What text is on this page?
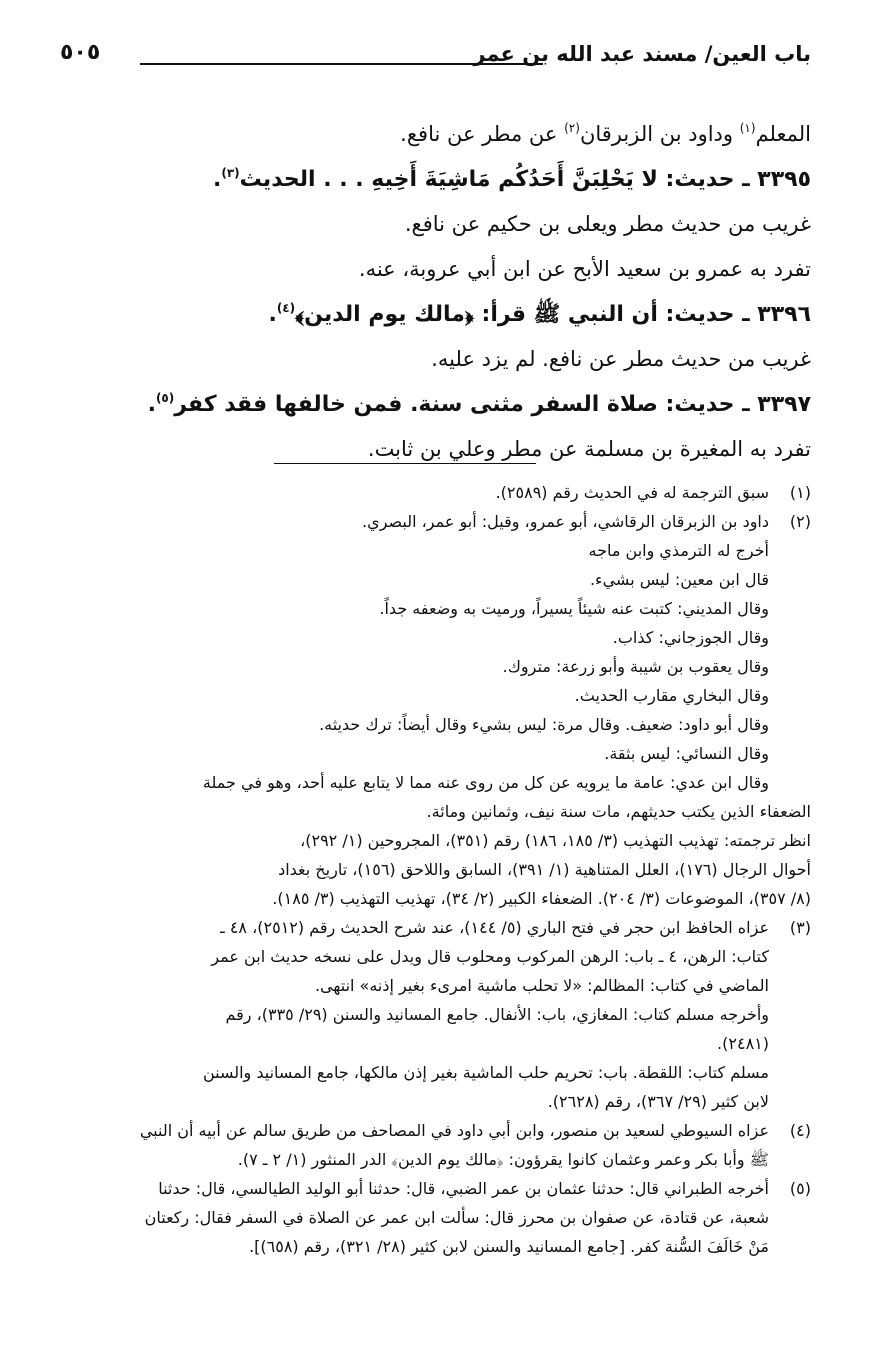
باب العين/ مسند عبد الله بن عمر
٥٠٥
المعلم$^{(١)}$ وداود بن الزبرقان$^{(٢)}$ عن مطر عن نافع.
٣٣٩٥ ـ حديث: لا يَحْلِبَنَّ أَحَدُكُم مَاشِيَةَ أَخِيهِ . . . الحديث$^{(٣)}$.
غريب من حديث مطر ويعلى بن حكيم عن نافع.
تفرد به عمرو بن سعيد الأبح عن ابن أبي عروبة، عنه.
٣٣٩٦ ـ حديث: أن النبي ﷺ قرأ: ﴿مالك يوم الدين﴾$^{(٤)}$.
غريب من حديث مطر عن نافع. لم يزد عليه.
٣٣٩٧ ـ حديث: صلاة السفر مثنى سنة. فمن خالفها فقد كفر$^{(٥)}$.
تفرد به المغيرة بن مسلمة عن مطر وعلي بن ثابت.
(١)
سبق الترجمة له في الحديث رقم (٢٥٨٩).
(٢)
داود بن الزبرقان الرقاشي، أبو عمرو، وقيل: أبو عمر، البصري.
أخرج له الترمذي وابن ماجه
قال ابن معين: ليس بشيء.
وقال المديني: كتبت عنه شيئاً يسيراً، ورميت به وضعفه جداً.
وقال الجوزجاني: كذاب.
وقال يعقوب بن شيبة وأبو زرعة: متروك.
وقال البخاري مقارب الحديث.
وقال أبو داود: ضعيف. وقال مرة: ليس بشيء وقال أيضاً: ترك حديثه.
وقال النسائي: ليس بثقة.
وقال ابن عدي: عامة ما يرويه عن كل من روى عنه مما لا يتابع عليه أحد، وهو في جملة
الضعفاء الذين يكتب حديثهم، مات سنة نيف، وثمانين ومائة.
انظر ترجمته: تهذيب التهذيب (٣/ ١٨٥، ١٨٦) رقم (٣٥١)، المجروحين (١/ ٢٩٢)،
أحوال الرجال (١٧٦)، العلل المتناهية (١/ ٣٩١)، السابق واللاحق (١٥٦)، تاريخ بغداد
(٨/ ٣٥٧)، الموضوعات (٣/ ٢٠٤). الضعفاء الكبير (٢/ ٣٤)، تهذيب التهذيب (٣/ ١٨٥).
(٣)
عزاه الحافظ ابن حجر في فتح الباري (٥/ ١٤٤)، عند شرح الحديث رقم (٢٥١٢)، ٤٨ ـ
كتاب: الرهن، ٤ ـ باب: الرهن المركوب ومحلوب قال ويدل على نسخه حديث ابن عمر
الماضي في كتاب: المظالم: «لا تحلب ماشية امرىء بغير إذنه» انتهى.
وأخرجه مسلم كتاب: المغازي، باب: الأنفال. جامع المسانيد والسنن (٢٩/ ٣٣٥)، رقم
(٢٤٨١).
مسلم كتاب: اللقطة. باب: تحريم حلب الماشية بغير إذن مالكها، جامع المسانيد والسنن
لابن كثير (٢٩/ ٣٦٧)، رقم (٢٦٢٨).
(٤)
عزاه السيوطي لسعيد بن منصور، وابن أبي داود في المصاحف من طريق سالم عن أبيه أن النبي
ﷺ وأبا بكر وعمر وعثمان كانوا يقرؤون: ﴿مالك يوم الدين﴾ الدر المنثور (١/ ٢ ـ ٧).
(٥)
أخرجه الطبراني قال: حدثنا عثمان بن عمر الضبي، قال: حدثنا أبو الوليد الطيالسي، قال: حدثنا
شعبة، عن قتادة، عن صفوان بن محرز قال: سألت ابن عمر عن الصلاة في السفر فقال: ركعتان
مَنْ خَالَفَ السُّنة كفر. [جامع المسانيد والسنن لابن كثير (٢٨/ ٣٢١)، رقم (٦٥٨)].
